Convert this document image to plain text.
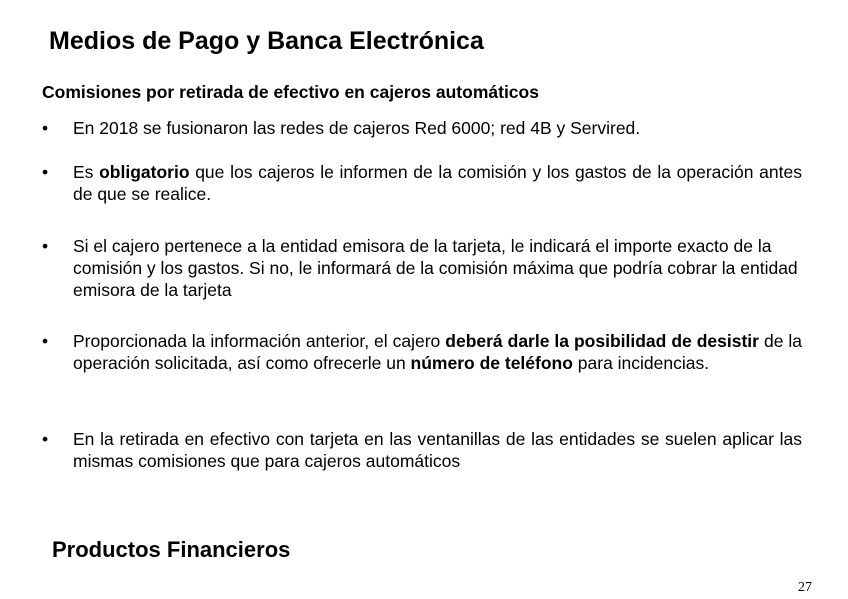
Medios de Pago y Banca Electrónica
Comisiones por retirada de efectivo en cajeros automáticos
•	En 2018 se fusionaron las redes de cajeros Red 6000; red 4B y Servired.
•	Es obligatorio que los cajeros le informen de la comisión y los gastos de la operación antes de que se realice.
•	Si el cajero pertenece a la entidad emisora de la tarjeta, le indicará el importe exacto de la comisión y los gastos. Si no, le informará de la comisión máxima que podría cobrar la entidad emisora de la tarjeta
•	Proporcionada la información anterior, el cajero deberá darle la posibilidad de desistir de la operación solicitada, así como ofrecerle un número de teléfono para incidencias.
•	En la retirada en efectivo con tarjeta en las ventanillas de las entidades se suelen aplicar las mismas comisiones que para cajeros automáticos
Productos Financieros
27
